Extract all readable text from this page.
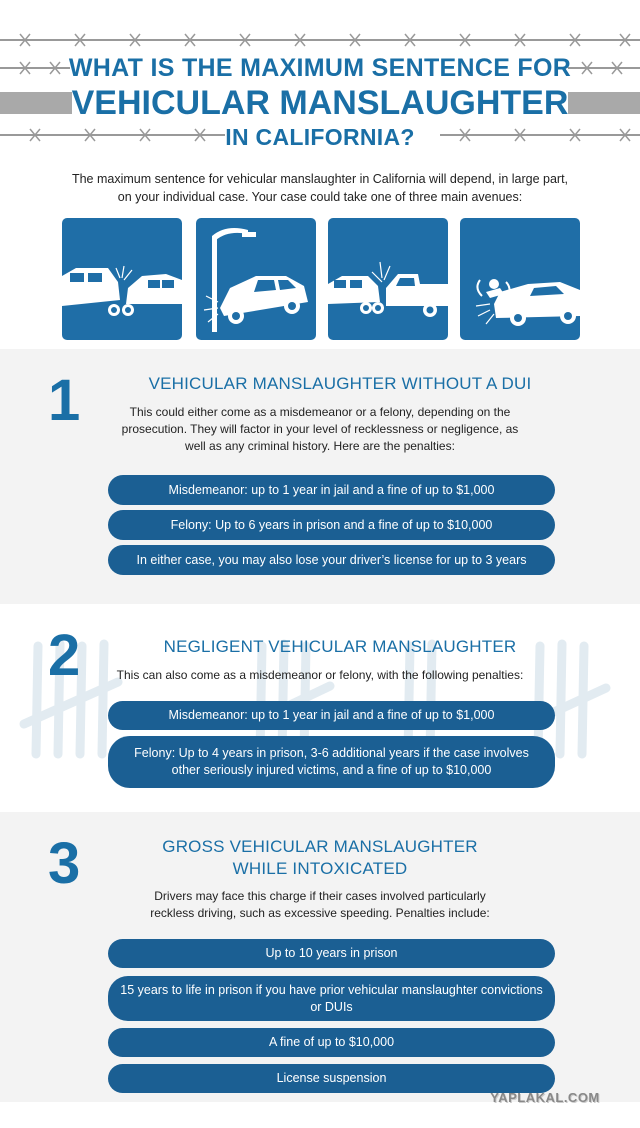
WHAT IS THE MAXIMUM SENTENCE FOR
VEHICULAR MANSLAUGHTER
IN CALIFORNIA?
The maximum sentence for vehicular manslaughter in California will depend, in large part, on your individual case. Your case could take one of three main avenues:
1	VEHICULAR MANSLAUGHTER WITHOUT A DUI
This could either come as a misdemeanor or a felony, depending on the prosecution. They will factor in your level of recklessness or negligence, as well as any criminal history. Here are the penalties:
Misdemeanor: up to 1 year in jail and a fine of up to $1,000
Felony: Up to 6 years in prison and a fine of up to $10,000
In either case, you may also lose your driver’s license for up to 3 years
2	NEGLIGENT VEHICULAR MANSLAUGHTER
This can also come as a misdemeanor or felony, with the following penalties:
Misdemeanor: up to 1 year in jail and a fine of up to $1,000
Felony: Up to 4 years in prison, 3-6 additional years if the case involves other seriously injured victims, and a fine of up to $10,000
3	GROSS VEHICULAR MANSLAUGHTER WHILE INTOXICATED
Drivers may face this charge if their cases involved particularly reckless driving, such as excessive speeding. Penalties include:
Up to 10 years in prison
15 years to life in prison if you have prior vehicular manslaughter convictions or DUIs
A fine of up to $10,000
License suspension
YAPLAKAL.COM
